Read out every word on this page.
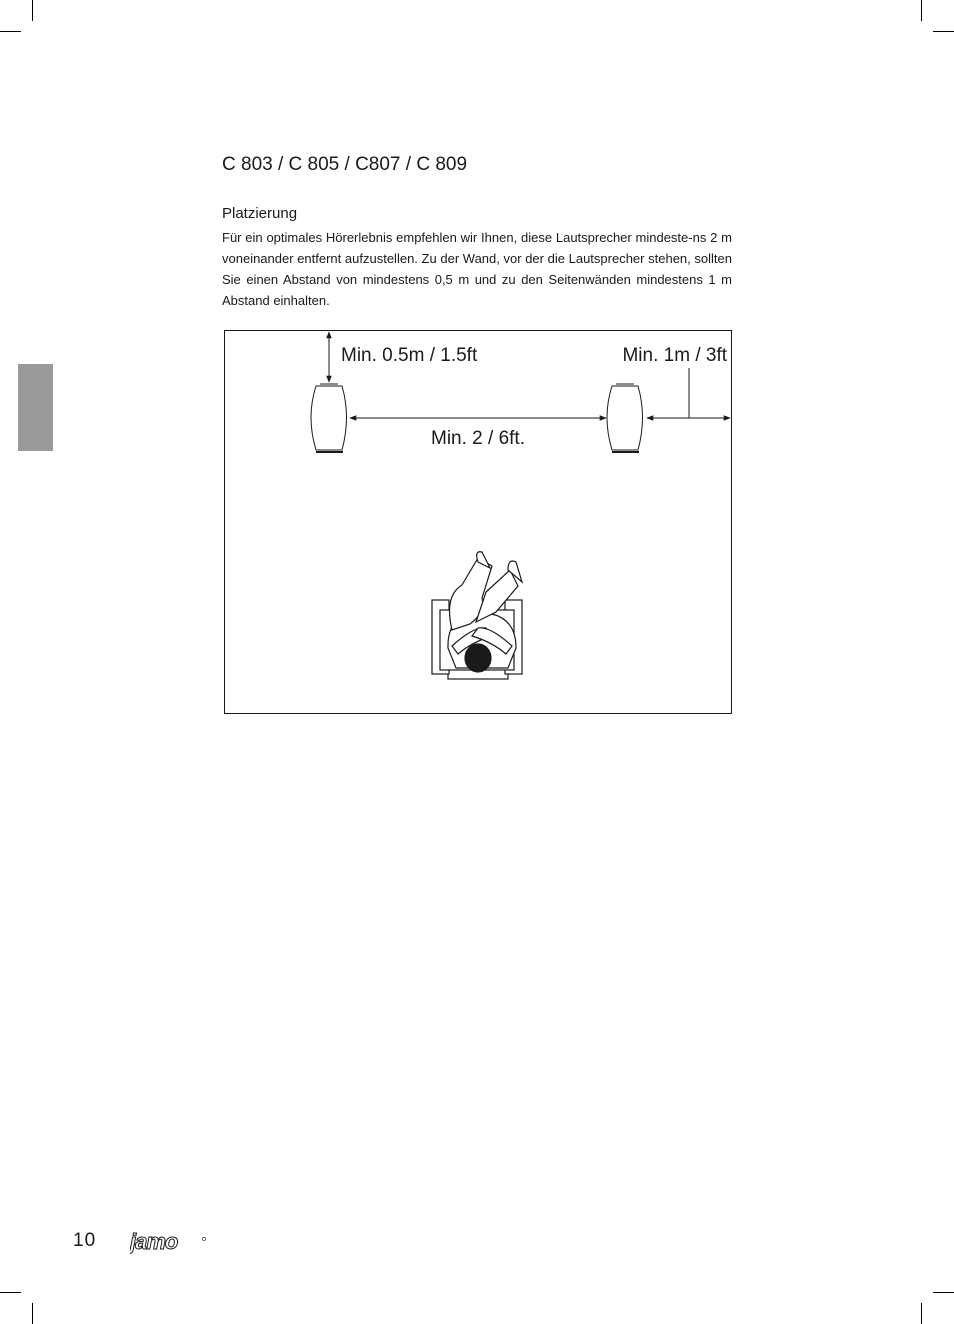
C 803 / C 805 / C807 / C 809
Platzierung

Für ein optimales Hörerlebnis empfehlen wir Ihnen, diese Lautsprecher mindeste-ns 2 m voneinander entfernt aufzustellen. Zu der Wand, vor der die Lautsprecher stehen, sollten Sie einen Abstand von mindestens 0,5 m und zu den Seitenwänden mindestens 1 m Abstand einhalten.

Min. 0.5m / 1.5ft	Min. 1m / 3ft
Min. 2 / 6ft.
10 jamo
